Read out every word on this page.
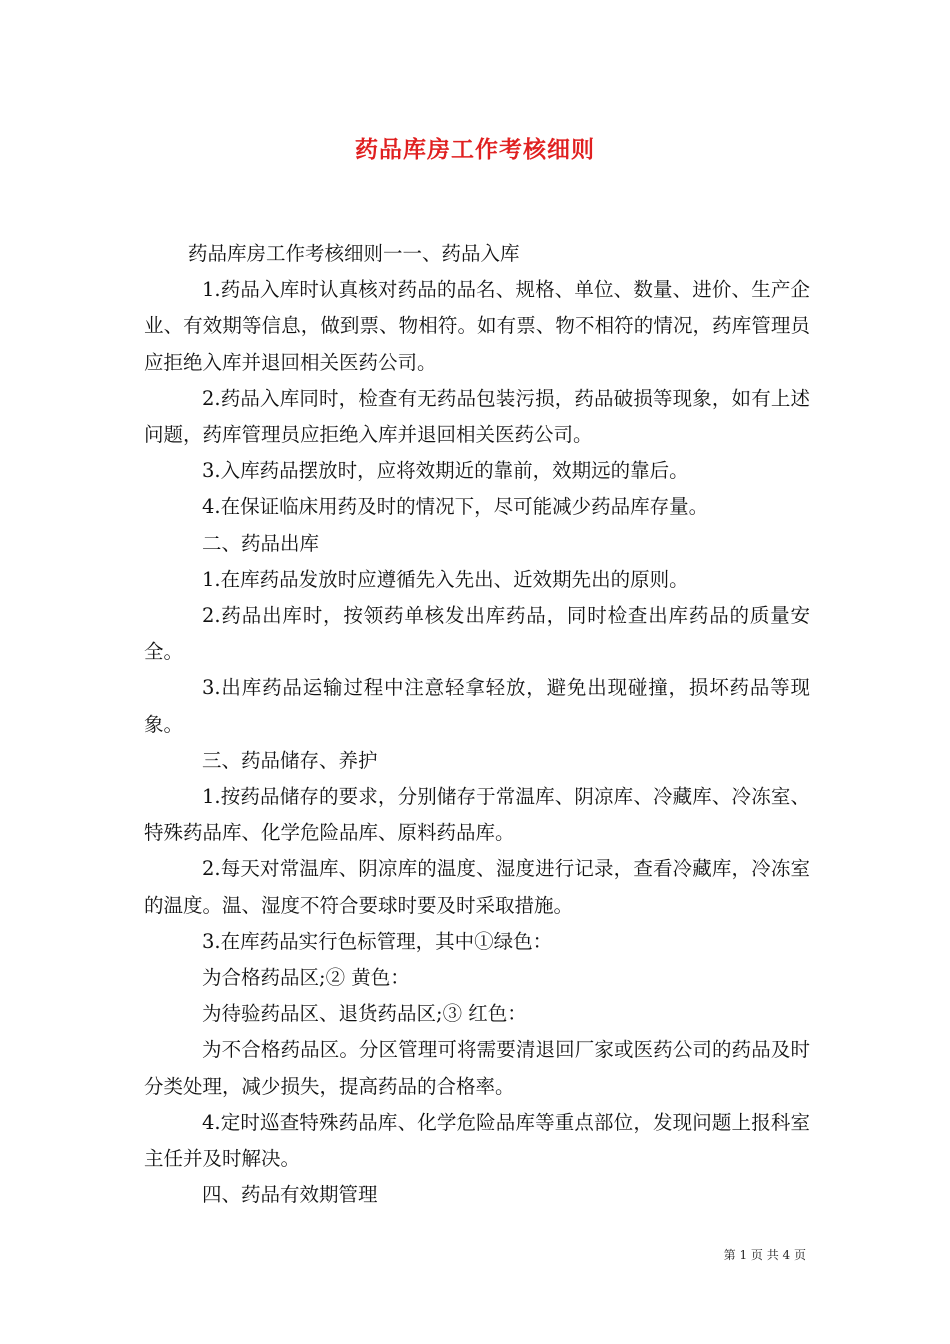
药品库房工作考核细则

药品库房工作考核细则一一、药品入库

1.药品入库时认真核对药品的品名、规格、单位、数量、进价、生产企业、有效期等信息，做到票、物相符。如有票、物不相符的情况，药库管理员应拒绝入库并退回相关医药公司。

2.药品入库同时，检查有无药品包装污损，药品破损等现象，如有上述问题，药库管理员应拒绝入库并退回相关医药公司。

3.入库药品摆放时，应将效期近的靠前，效期远的靠后。

4.在保证临床用药及时的情况下，尽可能减少药品库存量。

二、药品出库

1.在库药品发放时应遵循先入先出、近效期先出的原则。

2.药品出库时，按领药单核发出库药品，同时检查出库药品的质量安全。

3.出库药品运输过程中注意轻拿轻放，避免出现碰撞，损坏药品等现象。

三、药品储存、养护

1.按药品储存的要求，分别储存于常温库、阴凉库、冷藏库、冷冻室、特殊药品库、化学危险品库、原料药品库。

2.每天对常温库、阴凉库的温度、湿度进行记录，查看冷藏库，冷冻室的温度。温、湿度不符合要球时要及时采取措施。

3.在库药品实行色标管理，其中①绿色：

为合格药品区;② 黄色：

为待验药品区、退货药品区;③ 红色：

为不合格药品区。分区管理可将需要清退回厂家或医药公司的药品及时分类处理，减少损失，提高药品的合格率。

4.定时巡查特殊药品库、化学危险品库等重点部位，发现问题上报科室主任并及时解决。

四、药品有效期管理

第 1 页 共 4 页
